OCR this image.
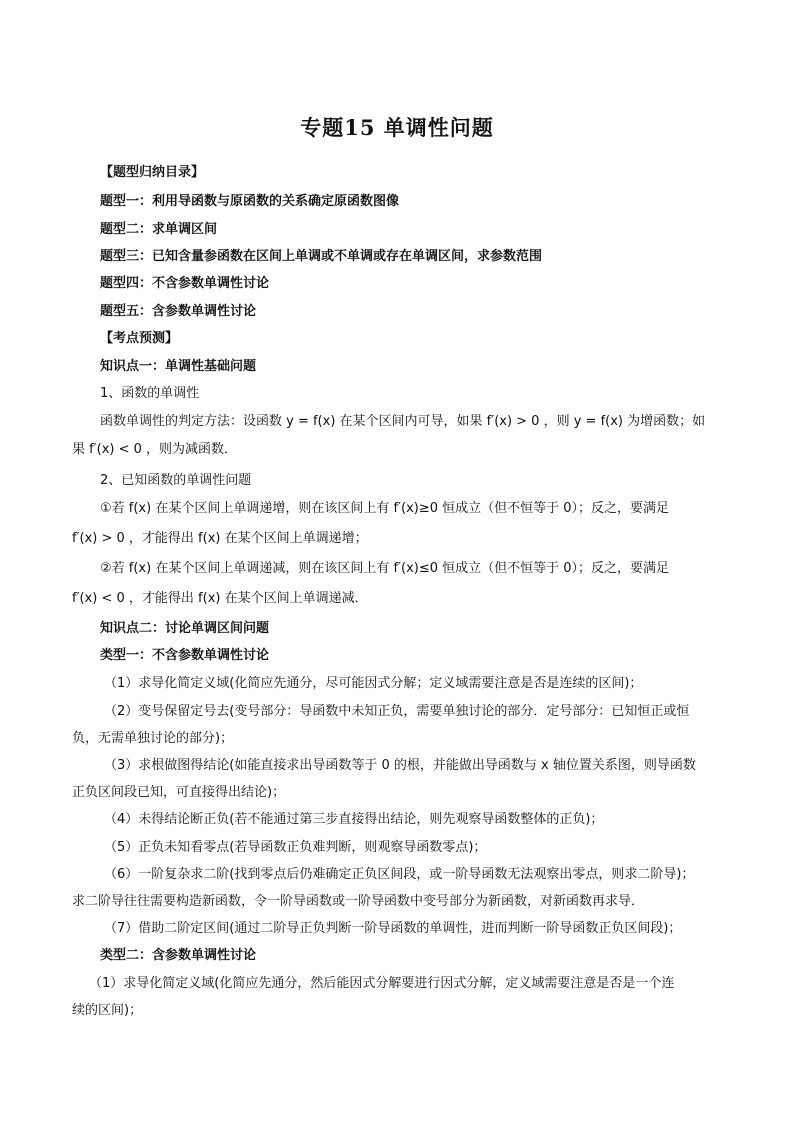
专题15 单调性问题
【题型归纳目录】
题型一：利用导函数与原函数的关系确定原函数图像
题型二：求单调区间
题型三：已知含量参函数在区间上单调或不单调或存在单调区间，求参数范围
题型四：不含参数单调性讨论
题型五：含参数单调性讨论
【考点预测】
知识点一：单调性基础问题
1、函数的单调性
函数单调性的判定方法：设函数 y = f(x) 在某个区间内可导，如果 f′(x) > 0 ，则 y = f(x) 为增函数；如
果 f′(x) < 0 ，则为减函数．
2、已知函数的单调性问题
①若 f(x) 在某个区间上单调递增，则在该区间上有 f′(x)≥0 恒成立（但不恒等于 0）；反之，要满足
f′(x) > 0 ，才能得出 f(x) 在某个区间上单调递增；
②若 f(x) 在某个区间上单调递减，则在该区间上有 f′(x)≤0 恒成立（但不恒等于 0）；反之，要满足
f′(x) < 0 ，才能得出 f(x) 在某个区间上单调递减．
知识点二：讨论单调区间问题
类型一：不含参数单调性讨论
（1）求导化简定义域(化简应先通分，尽可能因式分解；定义域需要注意是否是连续的区间)；
（2）变号保留定号去(变号部分：导函数中未知正负，需要单独讨论的部分．定号部分：已知恒正或恒
负，无需单独讨论的部分)；
（3）求根做图得结论(如能直接求出导函数等于 0 的根，并能做出导函数与 x 轴位置关系图，则导函数
正负区间段已知，可直接得出结论)；
（4）未得结论断正负(若不能通过第三步直接得出结论，则先观察导函数整体的正负)；
（5）正负未知看零点(若导函数正负难判断，则观察导函数零点)；
（6）一阶复杂求二阶(找到零点后仍难确定正负区间段，或一阶导函数无法观察出零点，则求二阶导)；
求二阶导往往需要构造新函数，令一阶导函数或一阶导函数中变号部分为新函数，对新函数再求导．
（7）借助二阶定区间(通过二阶导正负判断一阶导函数的单调性，进而判断一阶导函数正负区间段)；
类型二：含参数单调性讨论
（1）求导化简定义域(化简应先通分，然后能因式分解要进行因式分解，定义域需要注意是否是一个连
续的区间)；
